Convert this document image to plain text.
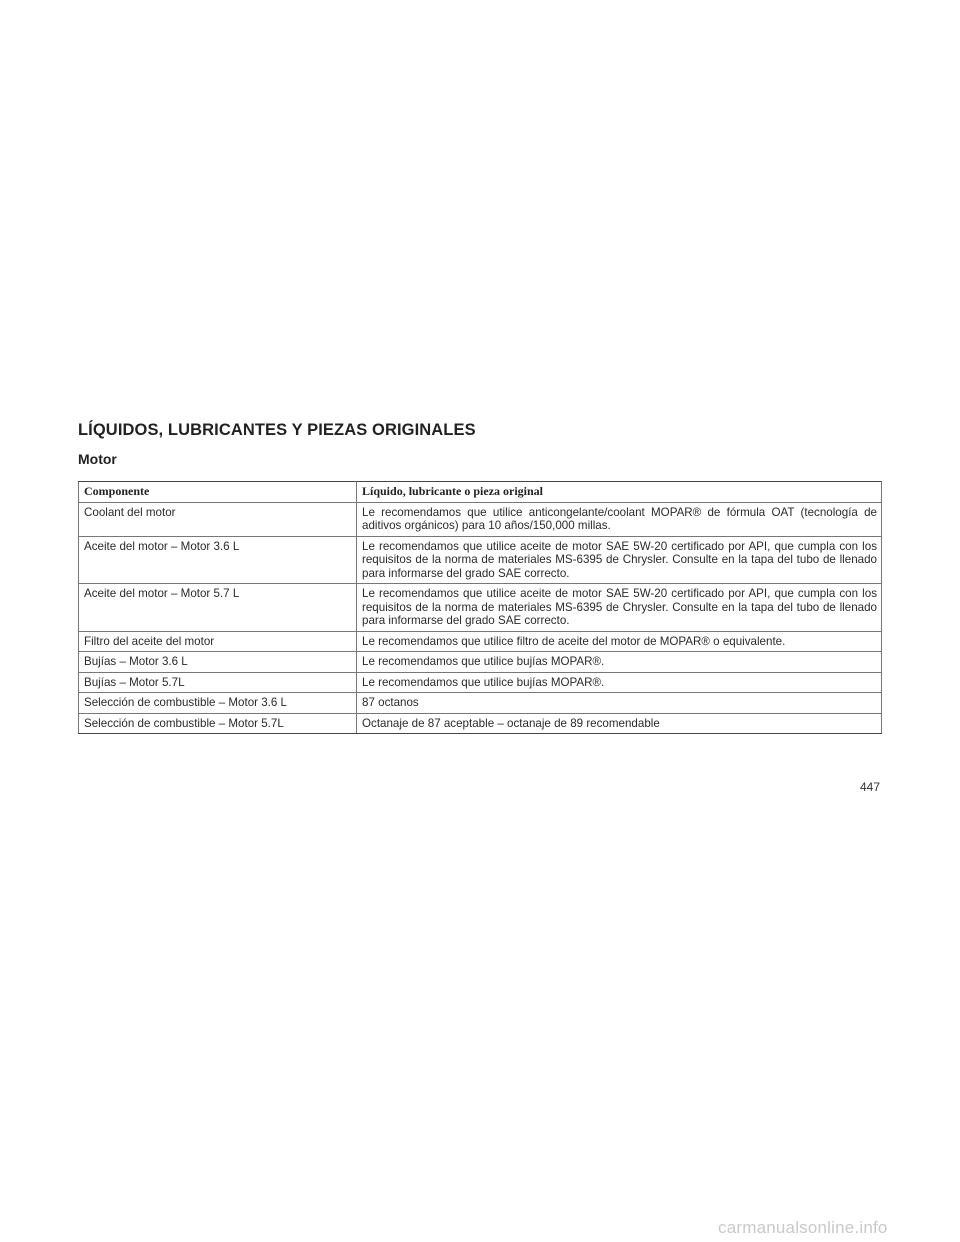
LÍQUIDOS, LUBRICANTES Y PIEZAS ORIGINALES
Motor
Componente	Líquido, lubricante o pieza original
Coolant del motor	Le recomendamos que utilice anticongelante/coolant MOPAR® de fórmula OAT (tecnología de aditivos orgánicos) para 10 años/150,000 millas.
Aceite del motor – Motor 3.6 L	Le recomendamos que utilice aceite de motor SAE 5W-20 certificado por API, que cumpla con los requisitos de la norma de materiales MS-6395 de Chrysler. Consulte en la tapa del tubo de llenado para informarse del grado SAE correcto.
Aceite del motor – Motor 5.7 L	Le recomendamos que utilice aceite de motor SAE 5W-20 certificado por API, que cumpla con los requisitos de la norma de materiales MS-6395 de Chrysler. Consulte en la tapa del tubo de llenado para informarse del grado SAE correcto.
Filtro del aceite del motor	Le recomendamos que utilice filtro de aceite del motor de MOPAR® o equivalente.
Bujías – Motor 3.6 L	Le recomendamos que utilice bujías MOPAR®.
Bujías – Motor 5.7L	Le recomendamos que utilice bujías MOPAR®.
Selección de combustible – Motor 3.6 L	87 octanos
Selección de combustible – Motor 5.7L	Octanaje de 87 aceptable – octanaje de 89 recomendable
447
carmanualsonline.info
